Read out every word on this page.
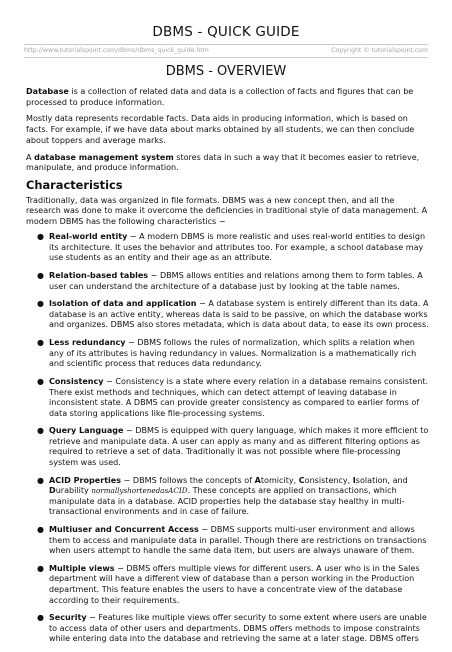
DBMS - QUICK GUIDE
http://www.tutorialspoint.com/dbms/dbms_quick_guide.htm	Copyright © tutorialspoint.com
DBMS - OVERVIEW

Database is a collection of related data and data is a collection of facts and figures that can be processed to produce information.

Mostly data represents recordable facts. Data aids in producing information, which is based on facts. For example, if we have data about marks obtained by all students, we can then conclude about toppers and average marks.

A database management system stores data in such a way that it becomes easier to retrieve, manipulate, and produce information.

Characteristics

Traditionally, data was organized in file formats. DBMS was a new concept then, and all the research was done to make it overcome the deficiencies in traditional style of data management. A modern DBMS has the following characteristics −

● Real-world entity − A modern DBMS is more realistic and uses real-world entities to design its architecture. It uses the behavior and attributes too. For example, a school database may use students as an entity and their age as an attribute.
● Relation-based tables − DBMS allows entities and relations among them to form tables. A user can understand the architecture of a database just by looking at the table names.
● Isolation of data and application − A database system is entirely different than its data. A database is an active entity, whereas data is said to be passive, on which the database works and organizes. DBMS also stores metadata, which is data about data, to ease its own process.
● Less redundancy − DBMS follows the rules of normalization, which splits a relation when any of its attributes is having redundancy in values. Normalization is a mathematically rich and scientific process that reduces data redundancy.
● Consistency − Consistency is a state where every relation in a database remains consistent. There exist methods and techniques, which can detect attempt of leaving database in inconsistent state. A DBMS can provide greater consistency as compared to earlier forms of data storing applications like file-processing systems.
● Query Language − DBMS is equipped with query language, which makes it more efficient to retrieve and manipulate data. A user can apply as many and as different filtering options as required to retrieve a set of data. Traditionally it was not possible where file-processing system was used.
● ACID Properties − DBMS follows the concepts of Atomicity, Consistency, Isolation, and Durability normallyshortenedasACID. These concepts are applied on transactions, which manipulate data in a database. ACID properties help the database stay healthy in multi-transactional environments and in case of failure.
● Multiuser and Concurrent Access − DBMS supports multi-user environment and allows them to access and manipulate data in parallel. Though there are restrictions on transactions when users attempt to handle the same data item, but users are always unaware of them.
● Multiple views − DBMS offers multiple views for different users. A user who is in the Sales department will have a different view of database than a person working in the Production department. This feature enables the users to have a concentrate view of the database according to their requirements.
● Security − Features like multiple views offer security to some extent where users are unable to access data of other users and departments. DBMS offers methods to impose constraints while entering data into the database and retrieving the same at a later stage. DBMS offers
